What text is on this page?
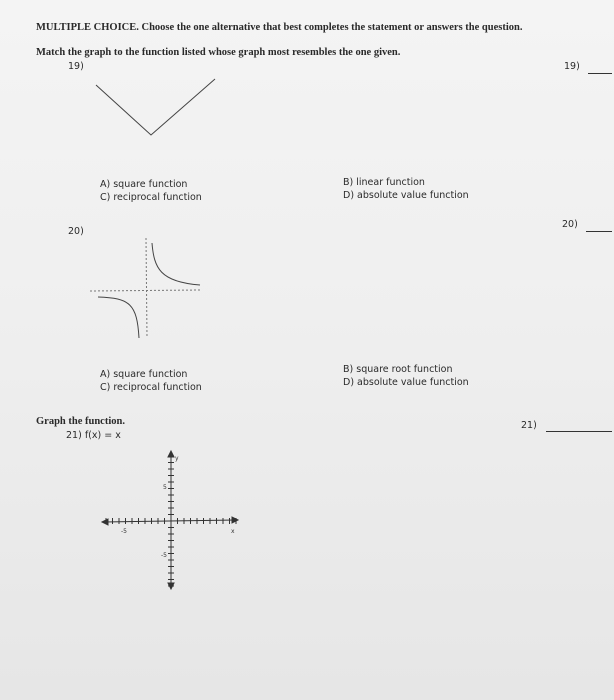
MULTIPLE CHOICE. Choose the one alternative that best completes the statement or answers the question.
Match the graph to the function listed whose graph most resembles the one given.
19)	19)
A) square function
C) reciprocal function
B) linear function
D) absolute value function
20)
20)
A) square function
C) reciprocal function
B) square root function
D) absolute value function
Graph the function.
21) f(x) = x
21)
y
x
5
-5
-5
